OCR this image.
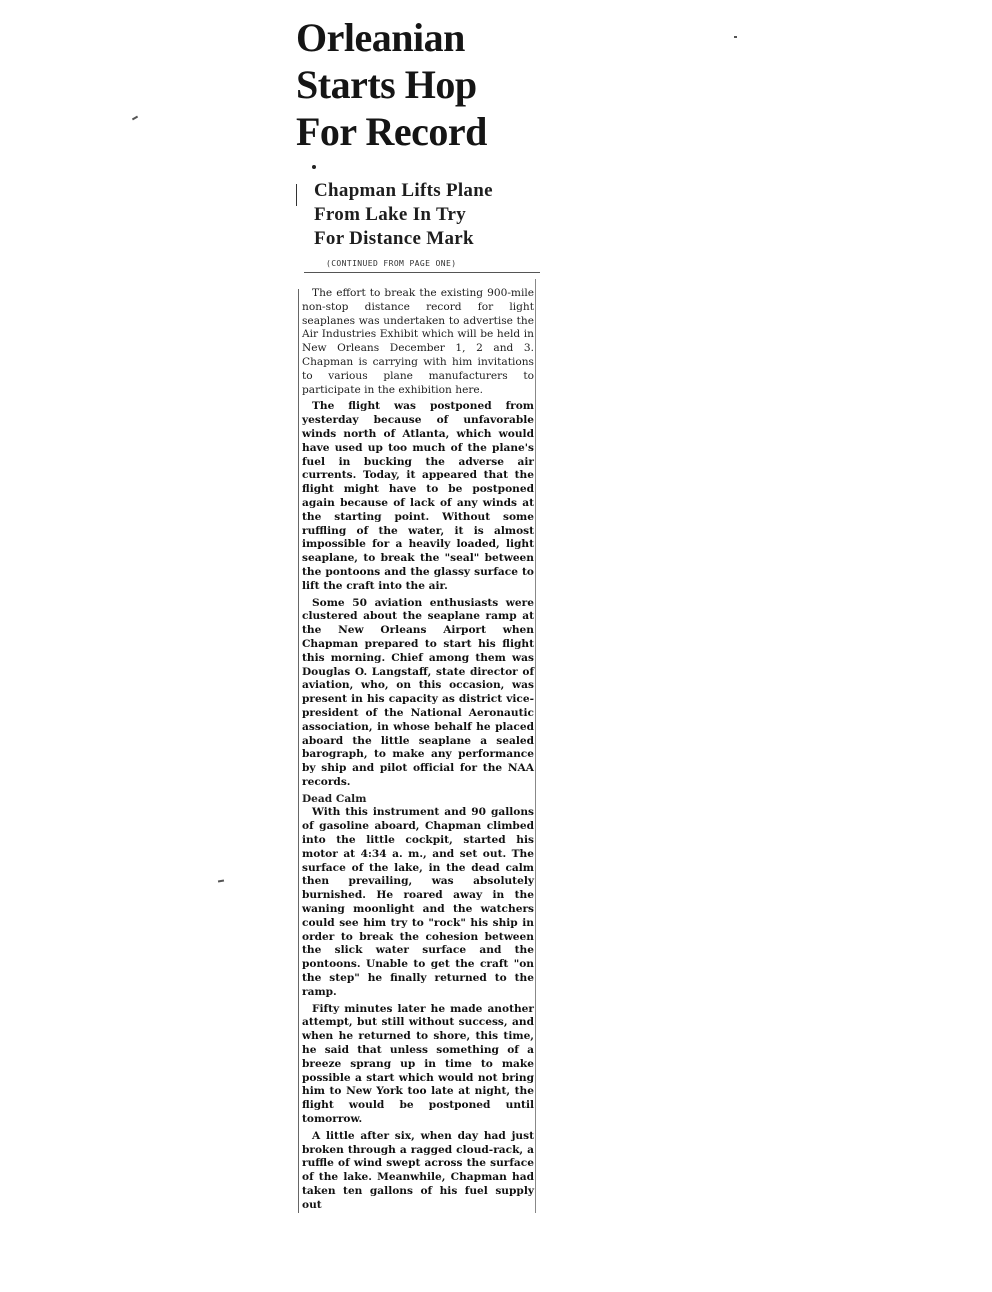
Orleanian
Starts Hop
For Record
Chapman Lifts Plane
From Lake In Try
For Distance Mark
(CONTINUED FROM PAGE ONE)

The effort to break the existing 900-mile non-stop distance record for light seaplanes was undertaken to advertise the Air Industries Exhibit which will be held in New Orleans December 1, 2 and 3. Chapman is carrying with him invitations to various plane manufacturers to participate in the exhibition here.

The flight was postponed from yesterday because of unfavorable winds north of Atlanta, which would have used up too much of the plane's fuel in bucking the adverse air currents. Today, it appeared that the flight might have to be postponed again because of lack of any winds at the starting point. Without some ruffling of the water, it is almost impossible for a heavily loaded, light seaplane, to break the "seal" between the pontoons and the glassy surface to lift the craft into the air.

Some 50 aviation enthusiasts were clustered about the seaplane ramp at the New Orleans Airport when Chapman prepared to start his flight this morning. Chief among them was Douglas O. Langstaff, state director of aviation, who, on this occasion, was present in his capacity as district vice-president of the National Aeronautic association, in whose behalf he placed aboard the little seaplane a sealed barograph, to make any performance by ship and pilot official for the NAA records.

Dead Calm

With this instrument and 90 gallons of gasoline aboard, Chapman climbed into the little cockpit, started his motor at 4:34 a. m., and set out. The surface of the lake, in the dead calm then prevailing, was absolutely burnished. He roared away in the waning moonlight and the watchers could see him try to "rock" his ship in order to break the cohesion between the slick water surface and the pontoons. Unable to get the craft "on the step" he finally returned to the ramp.

Fifty minutes later he made another attempt, but still without success, and when he returned to shore, this time, he said that unless something of a breeze sprang up in time to make possible a start which would not bring him to New York too late at night, the flight would be postponed until tomorrow.

A little after six, when day had just broken through a ragged cloud-rack, a ruffle of wind swept across the surface of the lake. Meanwhile, Chapman had taken ten gallons of his fuel supply out
